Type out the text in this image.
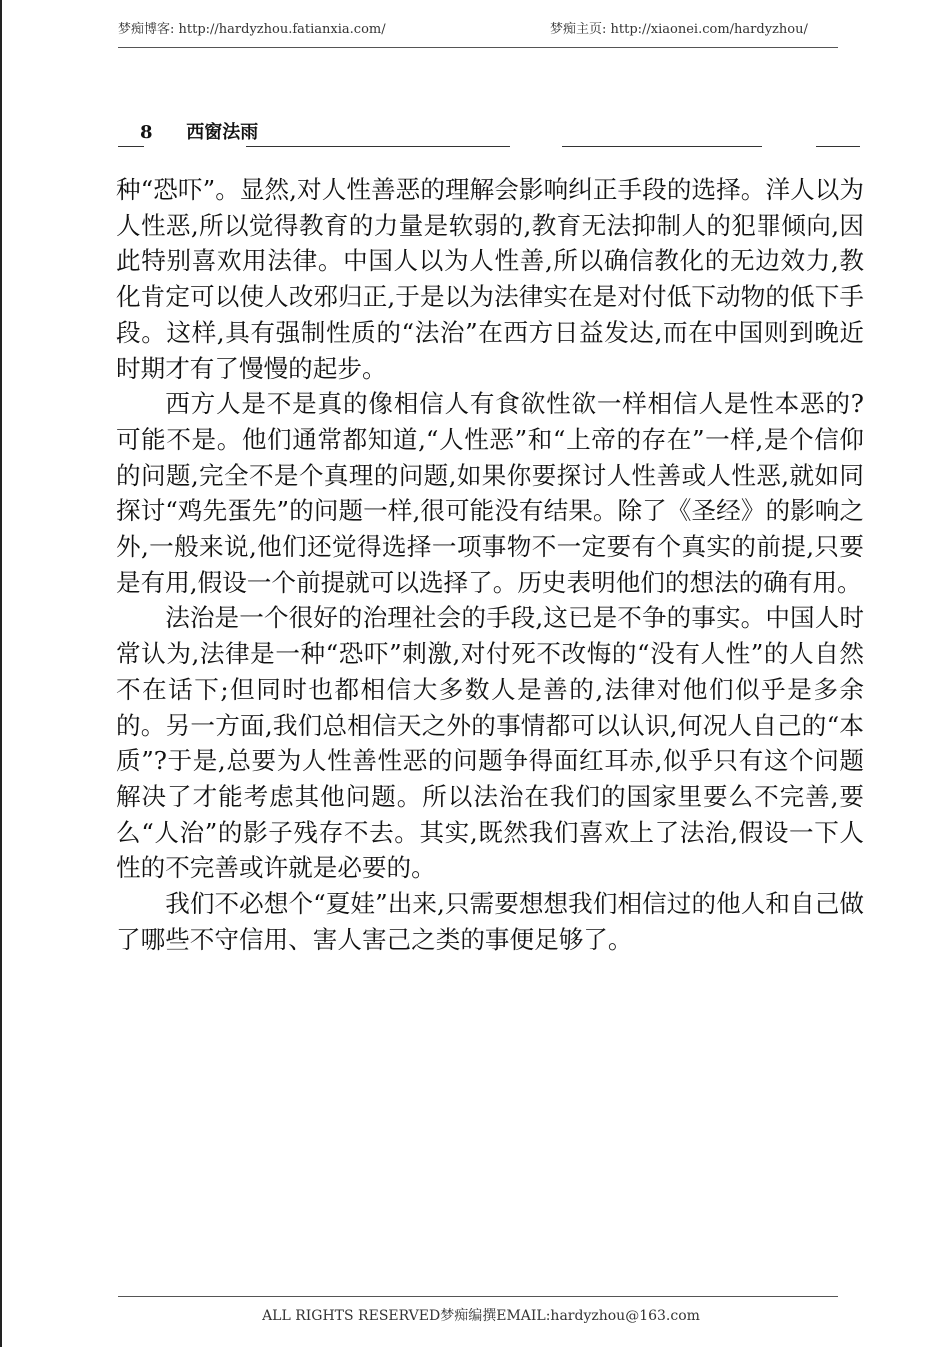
梦痴博客: http://hardyzhou.fatianxia.com/	梦痴主页: http://xiaonei.com/hardyzhou/
8 西窗法雨

种“恐吓”。显然,对人性善恶的理解会影响纠正手段的选择。洋人以为人性恶,所以觉得教育的力量是软弱的,教育无法抑制人的犯罪倾向,因此特别喜欢用法律。中国人以为人性善,所以确信教化的无边效力,教化肯定可以使人改邪归正,于是以为法律实在是对付低下动物的低下手段。这样,具有强制性质的“法治”在西方日益发达,而在中国则到晚近时期才有了慢慢的起步。

西方人是不是真的像相信人有食欲性欲一样相信人是性本恶的?可能不是。他们通常都知道,“人性恶”和“上帝的存在”一样,是个信仰的问题,完全不是个真理的问题,如果你要探讨人性善或人性恶,就如同探讨“鸡先蛋先”的问题一样,很可能没有结果。除了《圣经》的影响之外,一般来说,他们还觉得选择一项事物不一定要有个真实的前提,只要是有用,假设一个前提就可以选择了。历史表明他们的想法的确有用。

法治是一个很好的治理社会的手段,这已是不争的事实。中国人时常认为,法律是一种“恐吓”刺激,对付死不改悔的“没有人性”的人自然不在话下;但同时也都相信大多数人是善的,法律对他们似乎是多余的。另一方面,我们总相信天之外的事情都可以认识,何况人自己的“本质”?于是,总要为人性善性恶的问题争得面红耳赤,似乎只有这个问题解决了才能考虑其他问题。所以法治在我们的国家里要么不完善,要么“人治”的影子残存不去。其实,既然我们喜欢上了法治,假设一下人性的不完善或许就是必要的。

我们不必想个“夏娃”出来,只需要想想我们相信过的他人和自己做了哪些不守信用、害人害己之类的事便足够了。

ALL RIGHTS RESERVED梦痴编撰EMAIL:hardyzhou@163.com
